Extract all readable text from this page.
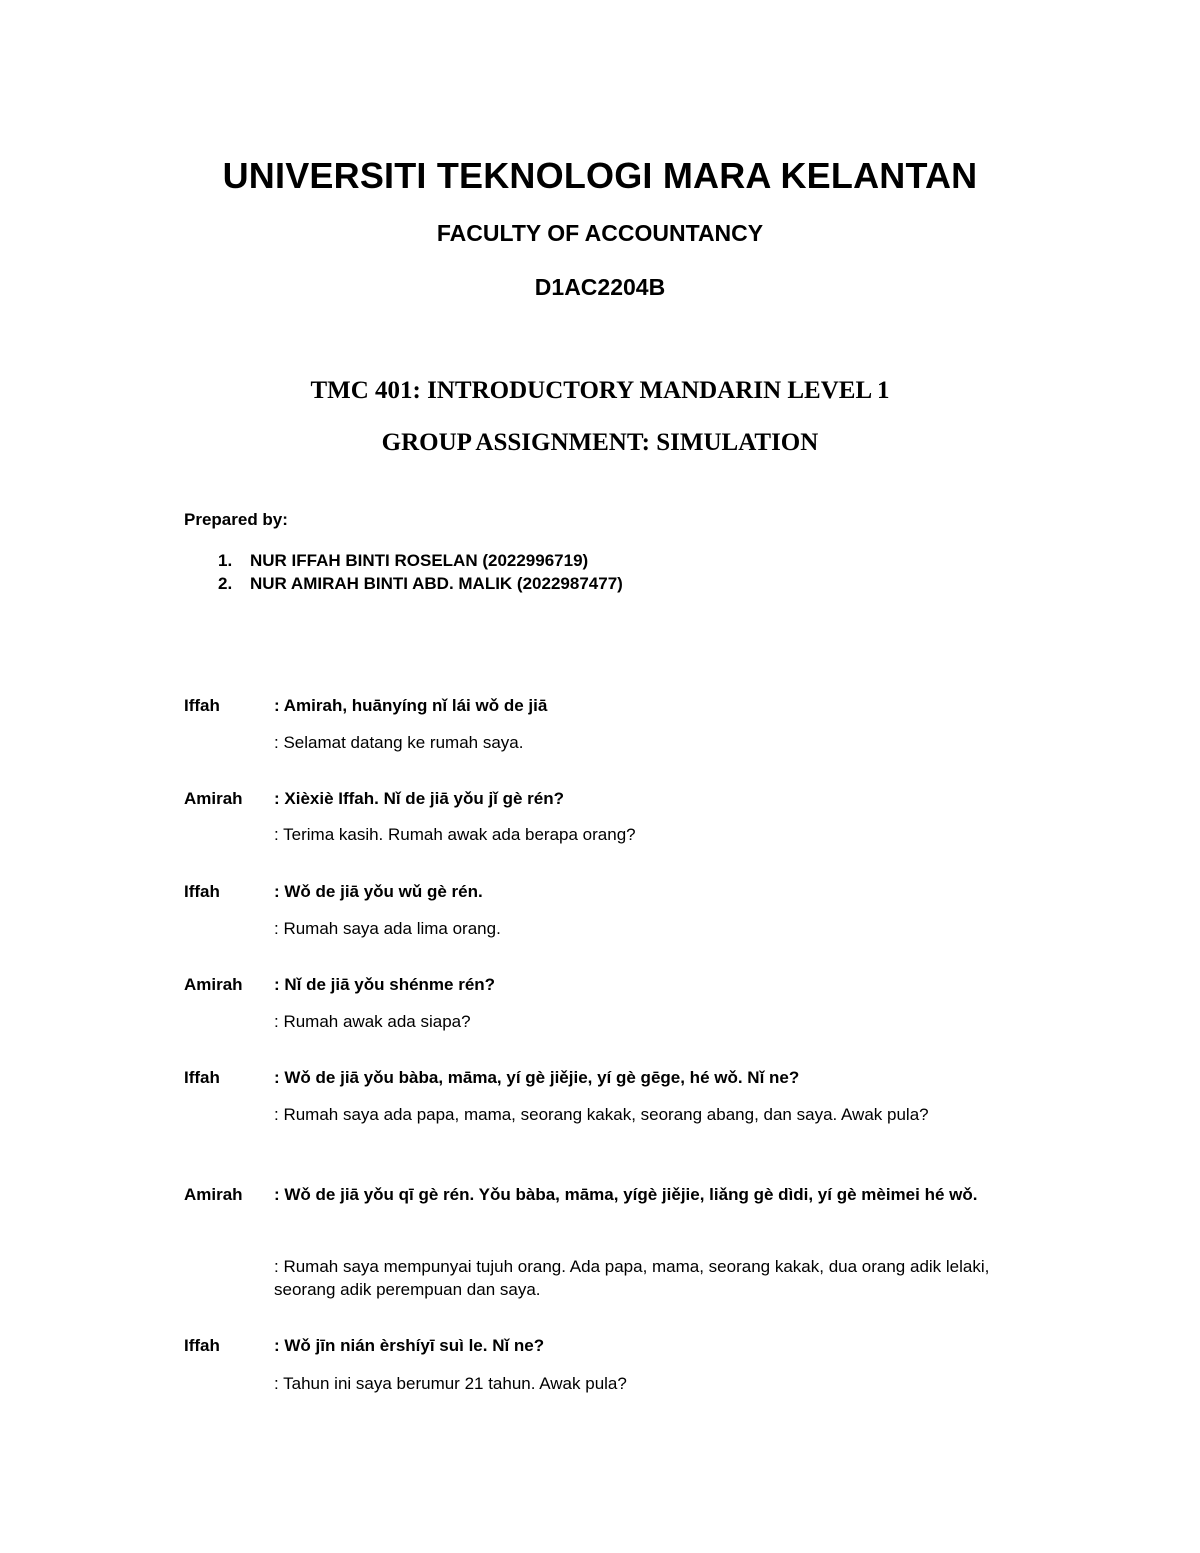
UNIVERSITI TEKNOLOGI MARA KELANTAN
FACULTY OF ACCOUNTANCY
D1AC2204B
TMC 401: INTRODUCTORY MANDARIN LEVEL 1
GROUP ASSIGNMENT: SIMULATION
Prepared by:
1. NUR IFFAH BINTI ROSELAN (2022996719)
2. NUR AMIRAH BINTI ABD. MALIK (2022987477)
Iffah	: Amirah, huānyíng nǐ lái wǒ de jiā
: Selamat datang ke rumah saya.
Amirah	: Xièxiè Iffah. Nǐ de jiā yǒu jǐ gè rén?
: Terima kasih. Rumah awak ada berapa orang?
Iffah	: Wǒ de jiā yǒu wǔ gè rén.
: Rumah saya ada lima orang.
Amirah	: Nǐ de jiā yǒu shénme rén?
: Rumah awak ada siapa?
Iffah	: Wǒ de jiā yǒu bàba, māma, yí gè jiějie, yí gè gēge, hé wǒ. Nǐ ne?
: Rumah saya ada papa, mama, seorang kakak, seorang abang, dan saya. Awak pula?
Amirah	: Wǒ de jiā yǒu qī gè rén. Yǒu bàba, māma, yígè jiějie, liǎng gè dìdi, yí gè mèimei hé wǒ.
: Rumah saya mempunyai tujuh orang. Ada papa, mama, seorang kakak, dua orang adik lelaki, seorang adik perempuan dan saya.
Iffah	: Wǒ jīn nián èrshíyī suì le. Nǐ ne?
: Tahun ini saya berumur 21 tahun. Awak pula?
